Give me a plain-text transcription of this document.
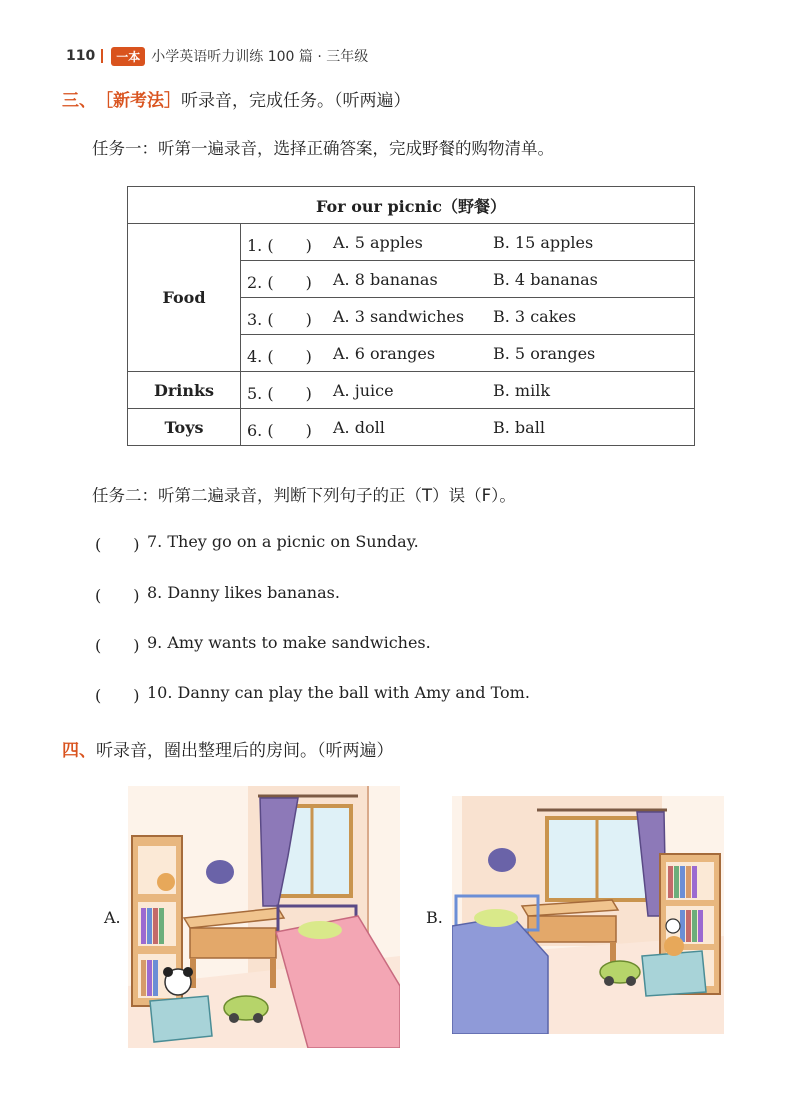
110	一本 小学英语听力训练 100 篇 · 三年级
三、 ［新考法］ 听录音，完成任务。（听两遍）
任务一：听第一遍录音，选择正确答案，完成野餐的购物清单。
For our picnic（野餐）	
Food	1. (　　) A. 5 apples B. 15 apples

	2. (　　) A. 8 bananas B. 4 bananas

	3. (　　) A. 3 sandwiches B. 3 cakes

	4. (　　) A. 6 oranges B. 5 oranges

Drinks	5. (　　) A. juice B. milk

Toys	6. (　　) A. doll B. ball
任务二：听第二遍录音，判断下列句子的正（T）误（F）。
(　　) 7. They go on a picnic on Sunday.
(　　) 8. Danny likes bananas.
(　　) 9. Amy wants to make sandwiches.
(　　) 10. Danny can play the ball with Amy and Tom.
四、 听录音，圈出整理后的房间。（听两遍）
A.	B.
